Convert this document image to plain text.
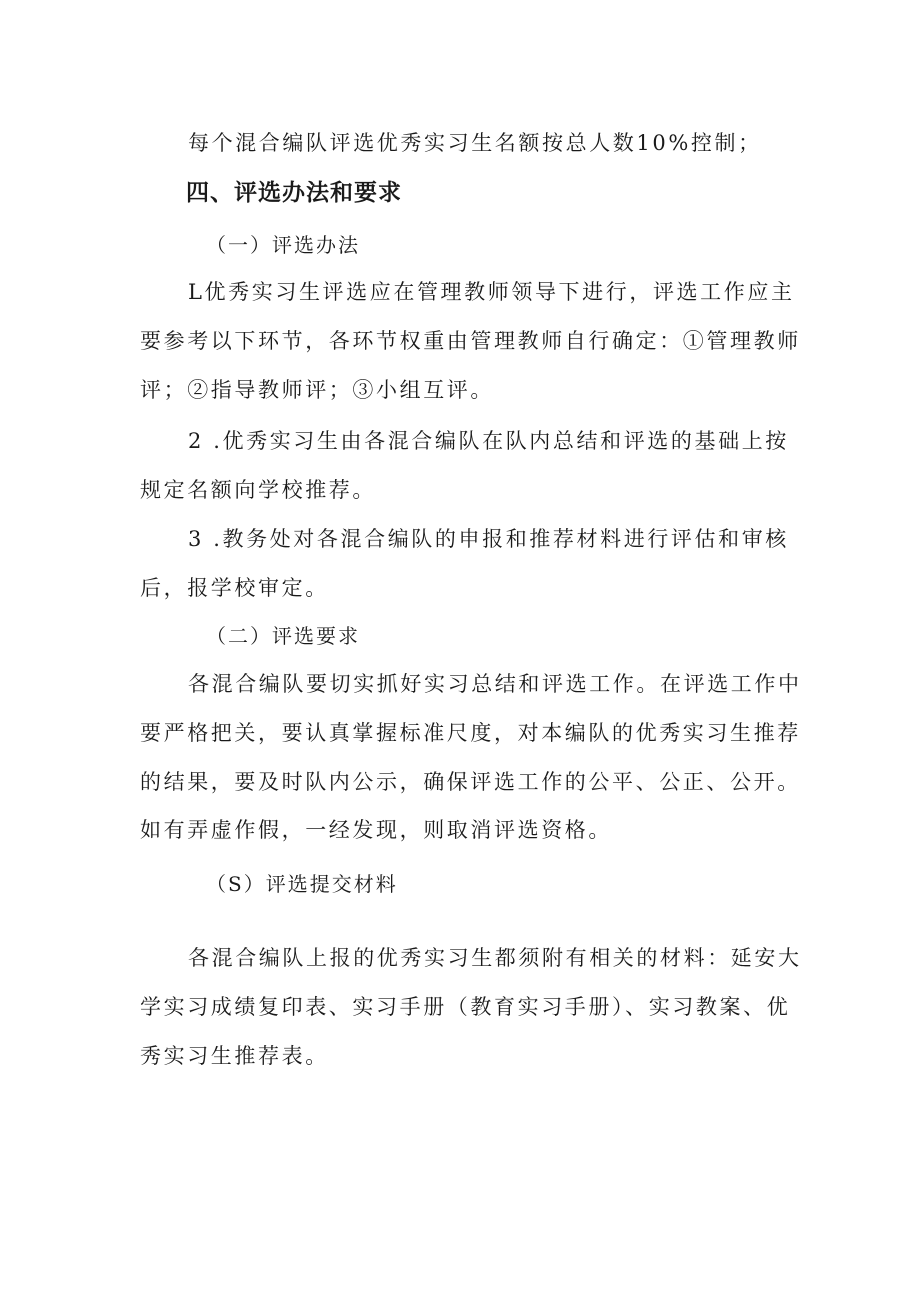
每个混合编队评选优秀实习生名额按总人数10%控制；
四、评选办法和要求
（一）评选办法
L优秀实习生评选应在管理教师领导下进行，评选工作应主
要参考以下环节，各环节权重由管理教师自行确定：①管理教师
评；②指导教师评；③小组互评。
2 .优秀实习生由各混合编队在队内总结和评选的基础上按
规定名额向学校推荐。
3 .教务处对各混合编队的申报和推荐材料进行评估和审核
后，报学校审定。
（二）评选要求
各混合编队要切实抓好实习总结和评选工作。在评选工作中
要严格把关，要认真掌握标准尺度，对本编队的优秀实习生推荐
的结果，要及时队内公示，确保评选工作的公平、公正、公开。
如有弄虚作假，一经发现，则取消评选资格。
（S）评选提交材料
各混合编队上报的优秀实习生都须附有相关的材料：延安大
学实习成绩复印表、实习手册（教育实习手册）、实习教案、优
秀实习生推荐表。
